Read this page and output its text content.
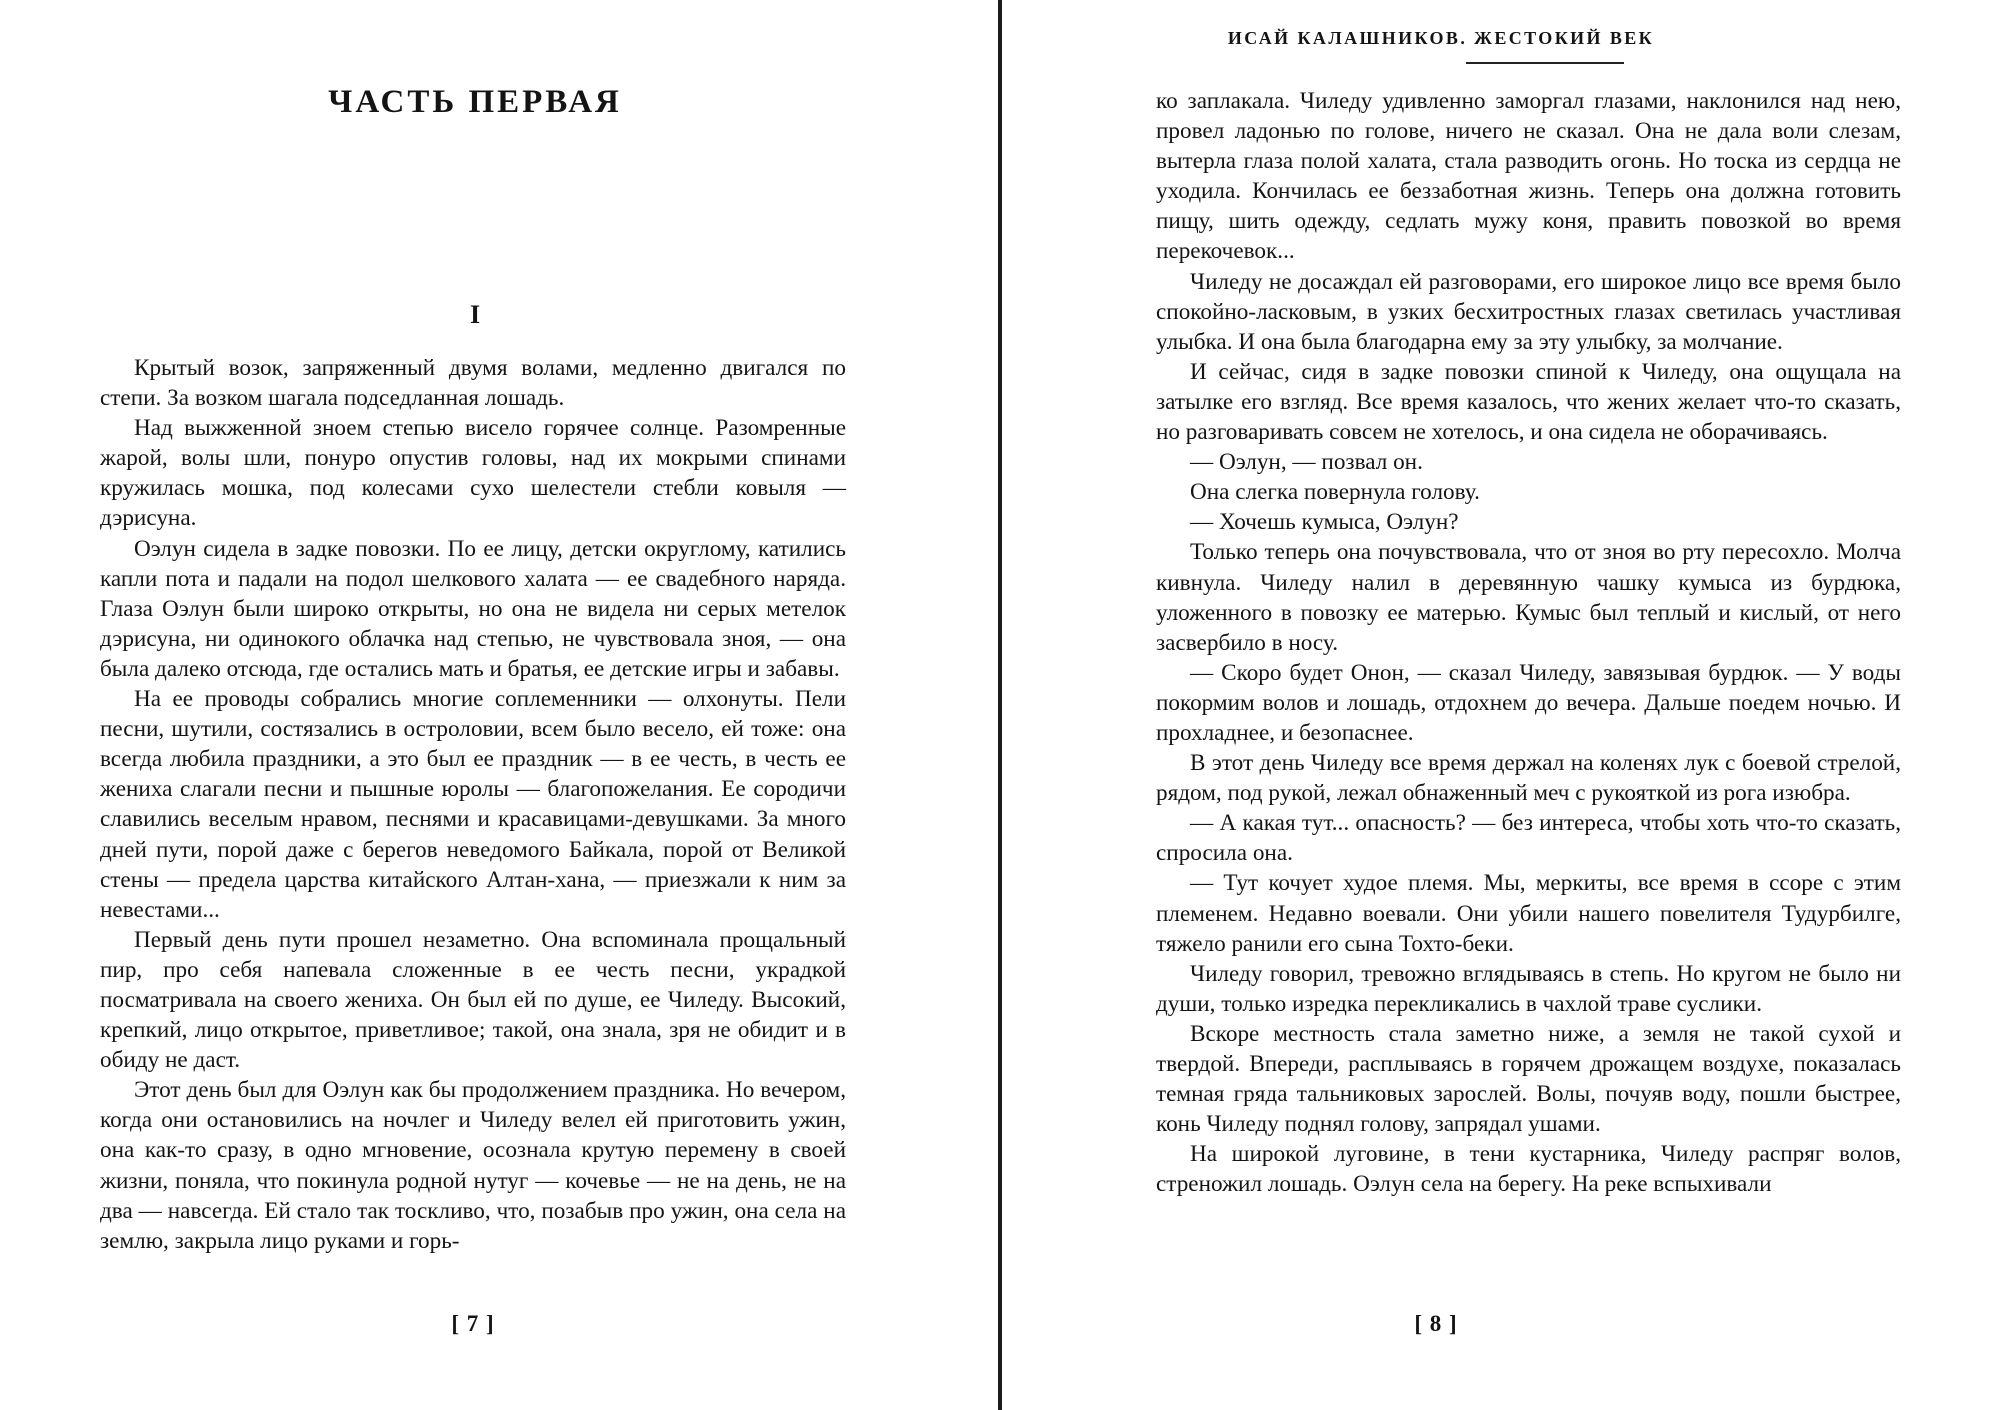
ЧАСТЬ ПЕРВАЯ
I

Крытый возок, запряженный двумя волами, медленно двигался по степи. За возком шагала подседланная лошадь.

Над выжженной зноем степью висело горячее солнце. Разомренные жарой, волы шли, понуро опустив головы, над их мокрыми спинами кружилась мошка, под колесами сухо шелестели стебли ковыля — дэрисуна.

Оэлун сидела в задке повозки. По ее лицу, детски округлому, катились капли пота и падали на подол шелкового халата — ее свадебного наряда. Глаза Оэлун были широко открыты, но она не видела ни серых метелок дэрисуна, ни одинокого облачка над степью, не чувствовала зноя, — она была далеко отсюда, где остались мать и братья, ее детские игры и забавы.

На ее проводы собрались многие соплеменники — олхонуты. Пели песни, шутили, состязались в остроловии, всем было весело, ей тоже: она всегда любила праздники, а это был ее праздник — в ее честь, в честь ее жениха слагали песни и пышные юролы — благопожелания. Ее сородичи славились веселым нравом, песнями и красавицами-девушками. За много дней пути, порой даже с берегов неведомого Байкала, порой от Великой стены — предела царства китайского Алтан-хана, — приезжали к ним за невестами...

Первый день пути прошел незаметно. Она вспоминала прощальный пир, про себя напевала сложенные в ее честь песни, украдкой посматривала на своего жениха. Он был ей по душе, ее Чиледу. Высокий, крепкий, лицо открытое, приветливое; такой, она знала, зря не обидит и в обиду не даст.

Этот день был для Оэлун как бы продолжением праздника. Но вечером, когда они остановились на ночлег и Чиледу велел ей приготовить ужин, она как-то сразу, в одно мгновение, осознала крутую перемену в своей жизни, поняла, что покинула родной нутуг — кочевье — не на день, не на два — навсегда. Ей стало так тоскливо, что, позабыв про ужин, она села на землю, закрыла лицо руками и горь-

[ 7 ]
ИСАЙ КАЛАШНИКОВ. ЖЕСТОКИЙ ВЕК

ко заплакала. Чиледу удивленно заморгал глазами, наклонился над нею, провел ладонью по голове, ничего не сказал. Она не дала воли слезам, вытерла глаза полой халата, стала разводить огонь. Но тоска из сердца не уходила. Кончилась ее беззаботная жизнь. Теперь она должна готовить пищу, шить одежду, седлать мужу коня, править повозкой во время перекочевок...

Чиледу не досаждал ей разговорами, его широкое лицо все время было спокойно-ласковым, в узких бесхитростных глазах светилась участливая улыбка. И она была благодарна ему за эту улыбку, за молчание.

И сейчас, сидя в задке повозки спиной к Чиледу, она ощущала на затылке его взгляд. Все время казалось, что жених желает что-то сказать, но разговаривать совсем не хотелось, и она сидела не оборачиваясь.

— Оэлун, — позвал он.

Она слегка повернула голову.

— Хочешь кумыса, Оэлун?

Только теперь она почувствовала, что от зноя во рту пересохло. Молча кивнула. Чиледу налил в деревянную чашку кумыса из бурдюка, уложенного в повозку ее матерью. Кумыс был теплый и кислый, от него засвербило в носу.

— Скоро будет Онон, — сказал Чиледу, завязывая бурдюк. — У воды покормим волов и лошадь, отдохнем до вечера. Дальше поедем ночью. И прохладнее, и безопаснее.

В этот день Чиледу все время держал на коленях лук с боевой стрелой, рядом, под рукой, лежал обнаженный меч с рукояткой из рога изюбра.

— А какая тут... опасность? — без интереса, чтобы хоть что-то сказать, спросила она.

— Тут кочует худое племя. Мы, меркиты, все время в ссоре с этим племенем. Недавно воевали. Они убили нашего повелителя Тудурбилге, тяжело ранили его сына Тохто-беки.

Чиледу говорил, тревожно вглядываясь в степь. Но кругом не было ни души, только изредка перекликались в чахлой траве суслики.

Вскоре местность стала заметно ниже, а земля не такой сухой и твердой. Впереди, расплываясь в горячем дрожащем воздухе, показалась темная гряда тальниковых зарослей. Волы, почуяв воду, пошли быстрее, конь Чиледу поднял голову, запрядал ушами.

На широкой луговине, в тени кустарника, Чиледу распряг волов, стреножил лошадь. Оэлун села на берегу. На реке вспыхивали

[ 8 ]
